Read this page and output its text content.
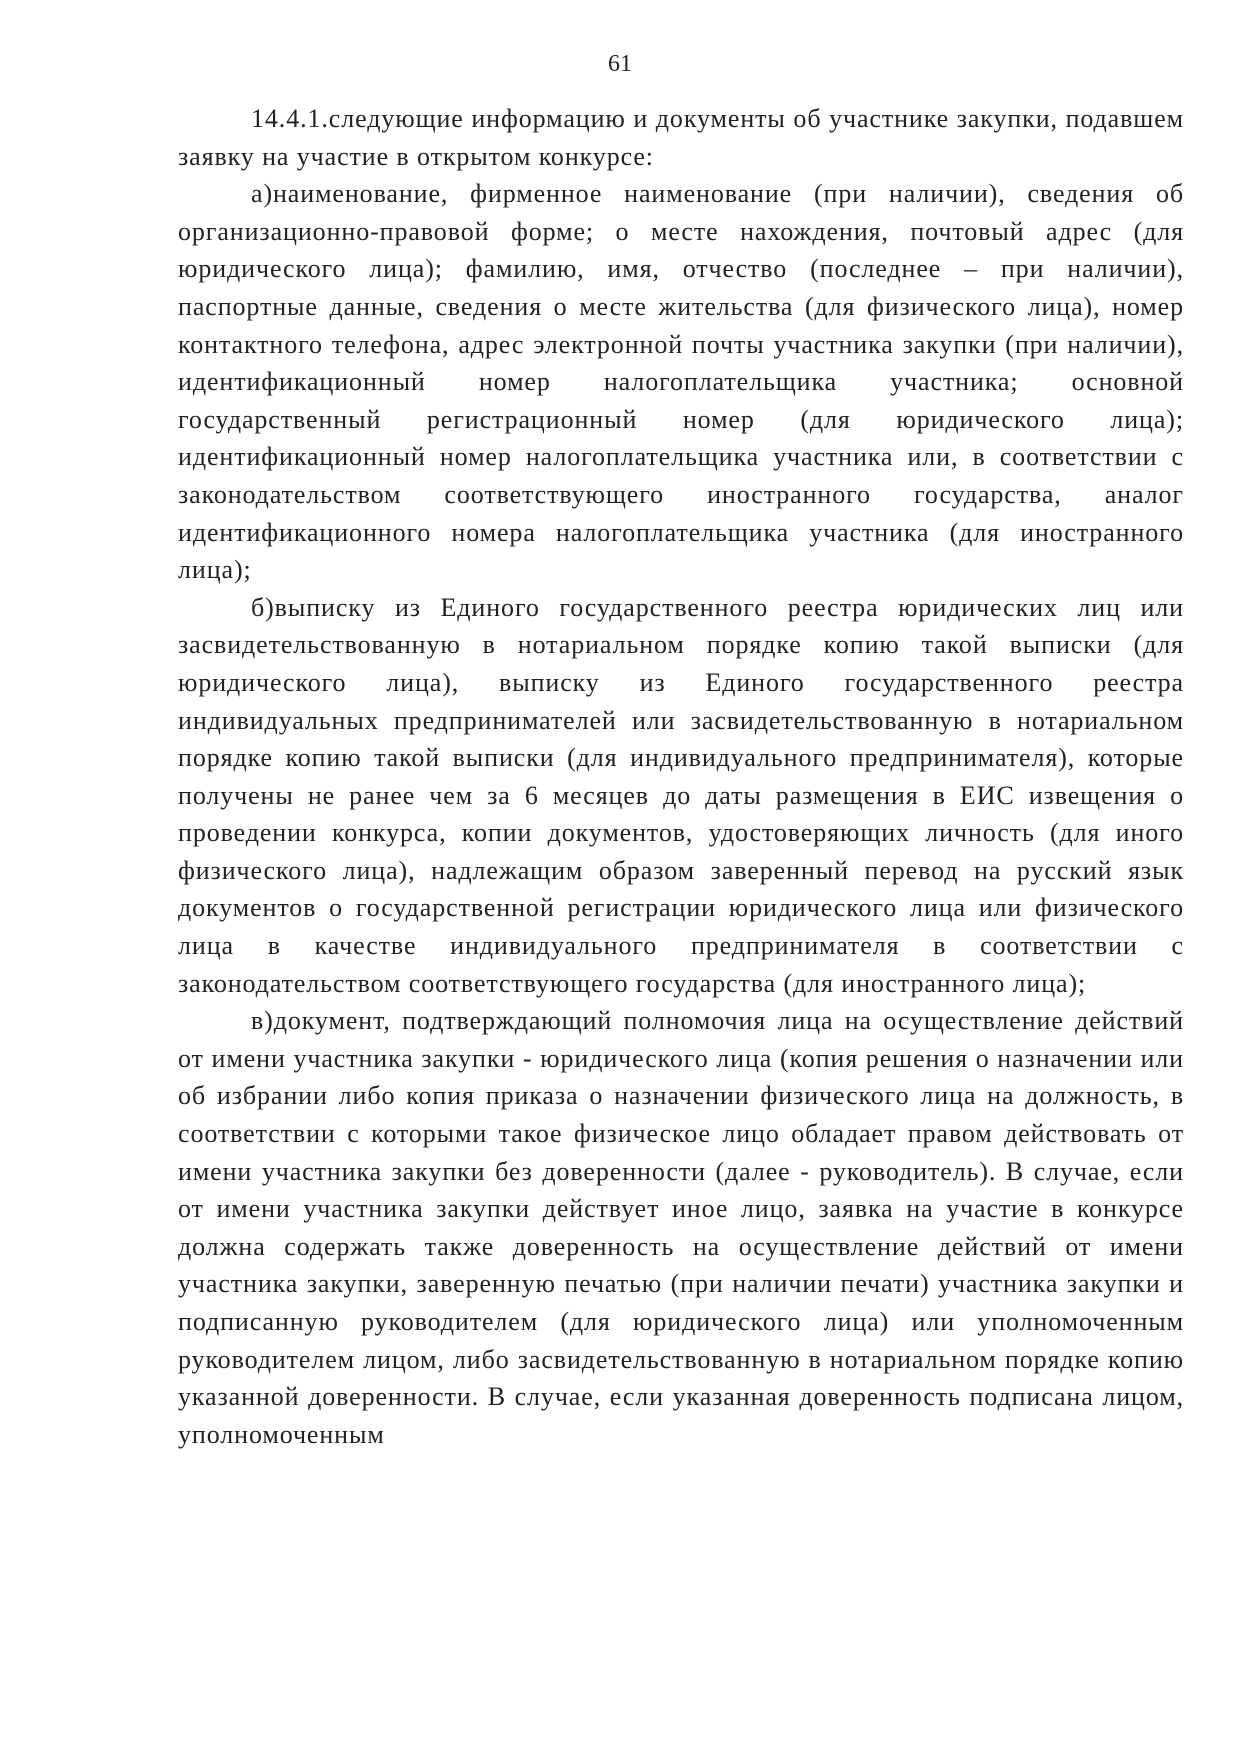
61

14.4.1.следующие информацию и документы об участнике закупки, подавшем заявку на участие в открытом конкурсе:

а)наименование, фирменное наименование (при наличии), сведения об организационно-правовой форме; о месте нахождения, почтовый адрес (для юридического лица); фамилию, имя, отчество (последнее – при наличии), паспортные данные, сведения о месте жительства (для физического лица), номер контактного телефона, адрес электронной почты участника закупки (при наличии), идентификационный номер налогоплательщика участника; основной государственный регистрационный номер (для юридического лица); идентификационный номер налогоплательщика участника или, в соответствии с законодательством соответствующего иностранного государства, аналог идентификационного номера налогоплательщика участника (для иностранного лица);

б)выписку из Единого государственного реестра юридических лиц или засвидетельствованную в нотариальном порядке копию такой выписки (для юридического лица), выписку из Единого государственного реестра индивидуальных предпринимателей или засвидетельствованную в нотариальном порядке копию такой выписки (для индивидуального предпринимателя), которые получены не ранее чем за 6 месяцев до даты размещения в ЕИС извещения о проведении конкурса, копии документов, удостоверяющих личность (для иного физического лица), надлежащим образом заверенный перевод на русский язык документов о государственной регистрации юридического лица или физического лица в качестве индивидуального предпринимателя в соответствии с законодательством соответствующего государства (для иностранного лица);

в)документ, подтверждающий полномочия лица на осуществление действий от имени участника закупки - юридического лица (копия решения о назначении или об избрании либо копия приказа о назначении физического лица на должность, в соответствии с которыми такое физическое лицо обладает правом действовать от имени участника закупки без доверенности (далее - руководитель). В случае, если от имени участника закупки действует иное лицо, заявка на участие в конкурсе должна содержать также доверенность на осуществление действий от имени участника закупки, заверенную печатью (при наличии печати) участника закупки и подписанную руководителем (для юридического лица) или уполномоченным руководителем лицом, либо засвидетельствованную в нотариальном порядке копию указанной доверенности. В случае, если указанная доверенность подписана лицом, уполномоченным
